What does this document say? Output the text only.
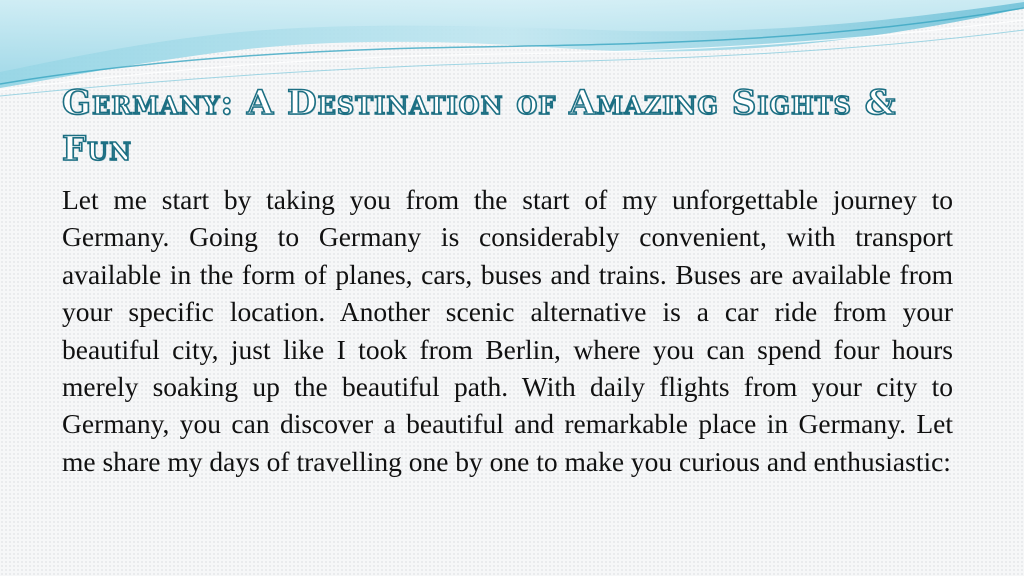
Germany: A Destination of Amazing Sights & Fun

Let me start by taking you from the start of my unforgettable journey to Germany. Going to Germany is considerably convenient, with transport available in the form of planes, cars, buses and trains. Buses are available from your specific location. Another scenic alternative is a car ride from your beautiful city, just like I took from Berlin, where you can spend four hours merely soaking up the beautiful path. With daily flights from your city to Germany, you can discover a beautiful and remarkable place in Germany. Let me share my days of travelling one by one to make you curious and enthusiastic:
